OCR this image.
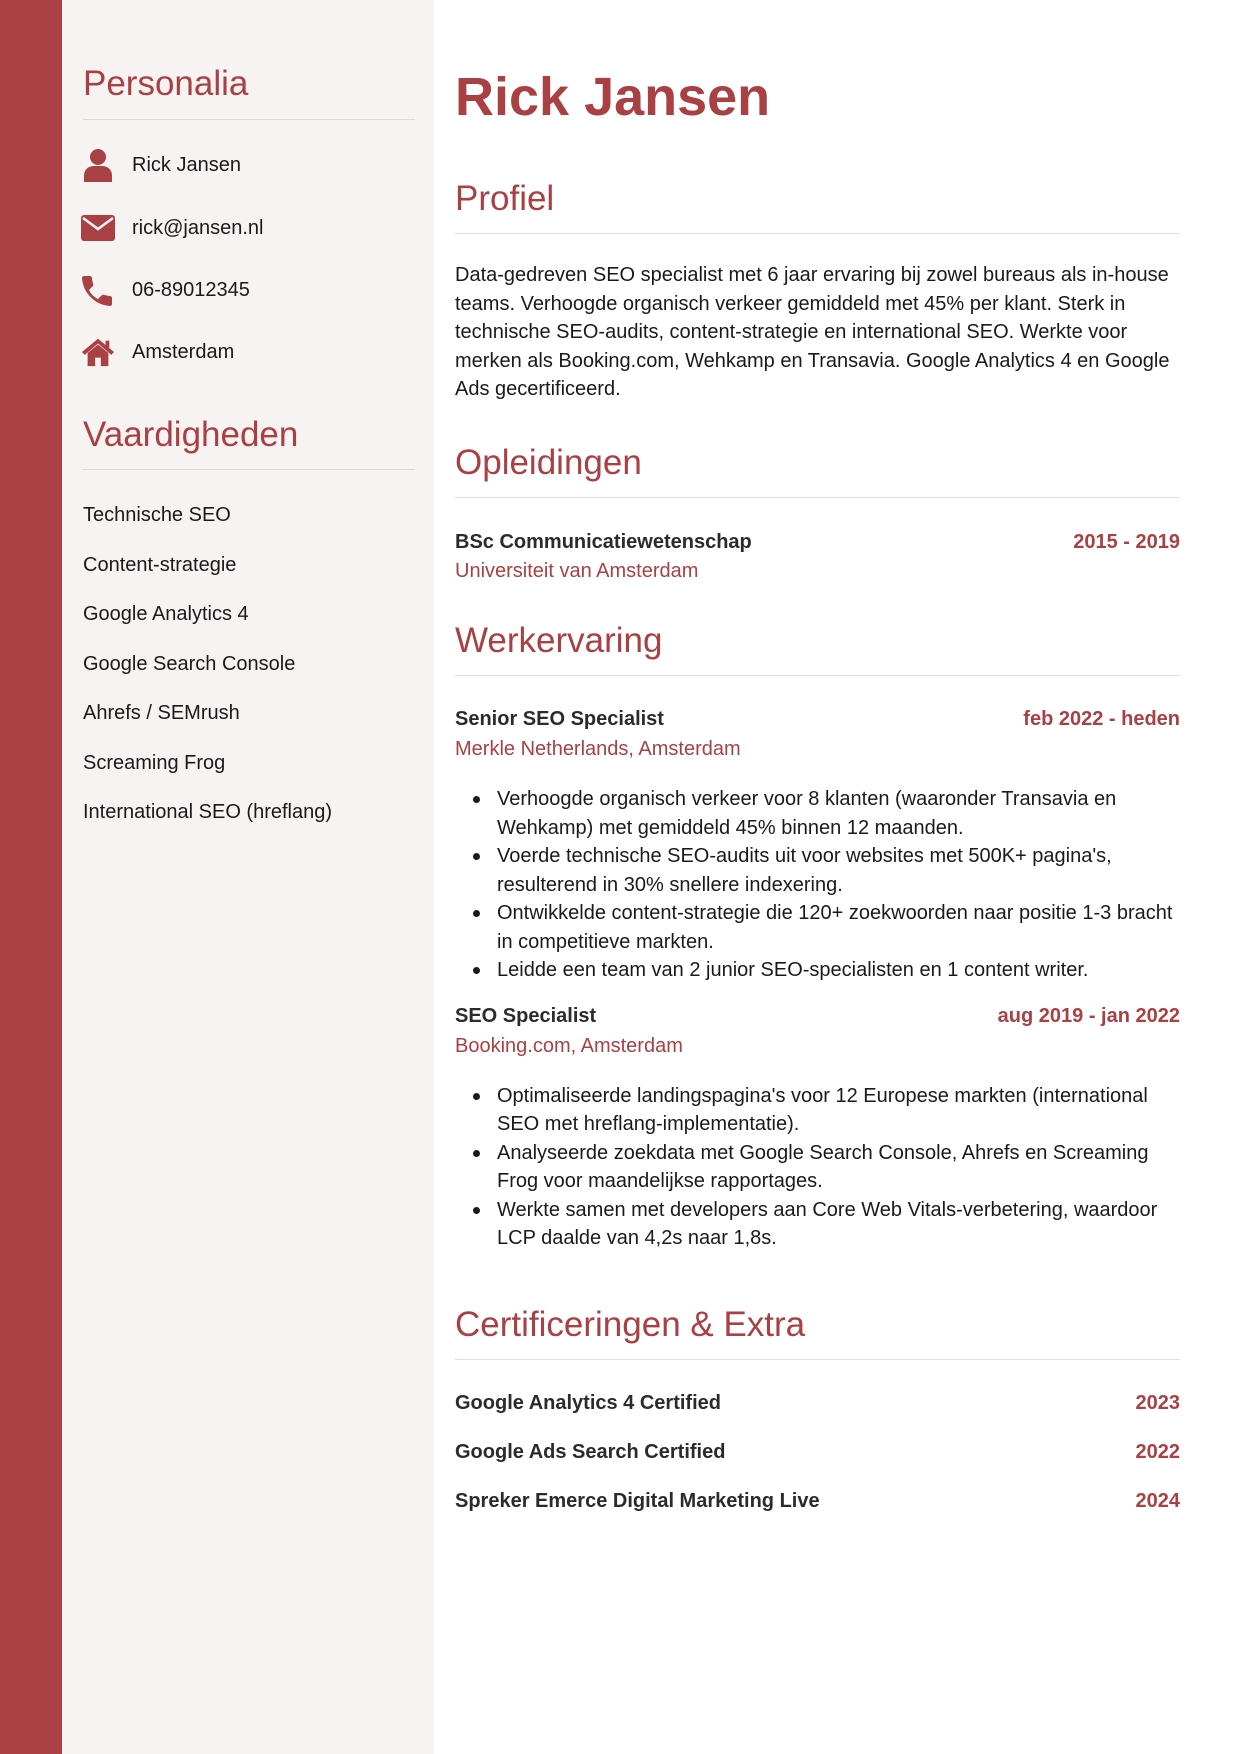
Personalia
Rick Jansen
rick@jansen.nl
06-89012345
Amsterdam
Vaardigheden
Technische SEO
Content-strategie
Google Analytics 4
Google Search Console
Ahrefs / SEMrush
Screaming Frog
International SEO (hreflang)
Rick Jansen
Profiel

Data-gedreven SEO specialist met 6 jaar ervaring bij zowel bureaus als in-house teams. Verhoogde organisch verkeer gemiddeld met 45% per klant. Sterk in technische SEO-audits, content-strategie en international SEO. Werkte voor merken als Booking.com, Wehkamp en Transavia. Google Analytics 4 en Google Ads gecertificeerd.

Opleidingen
BSc Communicatiewetenschap	2015 - 2019
Universiteit van Amsterdam
Werkervaring
Senior SEO Specialist	feb 2022 - heden
Merkle Netherlands, Amsterdam
Verhoogde organisch verkeer voor 8 klanten (waaronder Transavia en Wehkamp) met gemiddeld 45% binnen 12 maanden.
Voerde technische SEO-audits uit voor websites met 500K+ pagina's, resulterend in 30% snellere indexering.
Ontwikkelde content-strategie die 120+ zoekwoorden naar positie 1-3 bracht in competitieve markten.
Leidde een team van 2 junior SEO-specialisten en 1 content writer.
SEO Specialist	aug 2019 - jan 2022
Booking.com, Amsterdam
Optimaliseerde landingspagina's voor 12 Europese markten (international SEO met hreflang-implementatie).
Analyseerde zoekdata met Google Search Console, Ahrefs en Screaming Frog voor maandelijkse rapportages.
Werkte samen met developers aan Core Web Vitals-verbetering, waardoor LCP daalde van 4,2s naar 1,8s.
Certificeringen & Extra
Google Analytics 4 Certified	2023
Google Ads Search Certified	2022
Spreker Emerce Digital Marketing Live	2024
